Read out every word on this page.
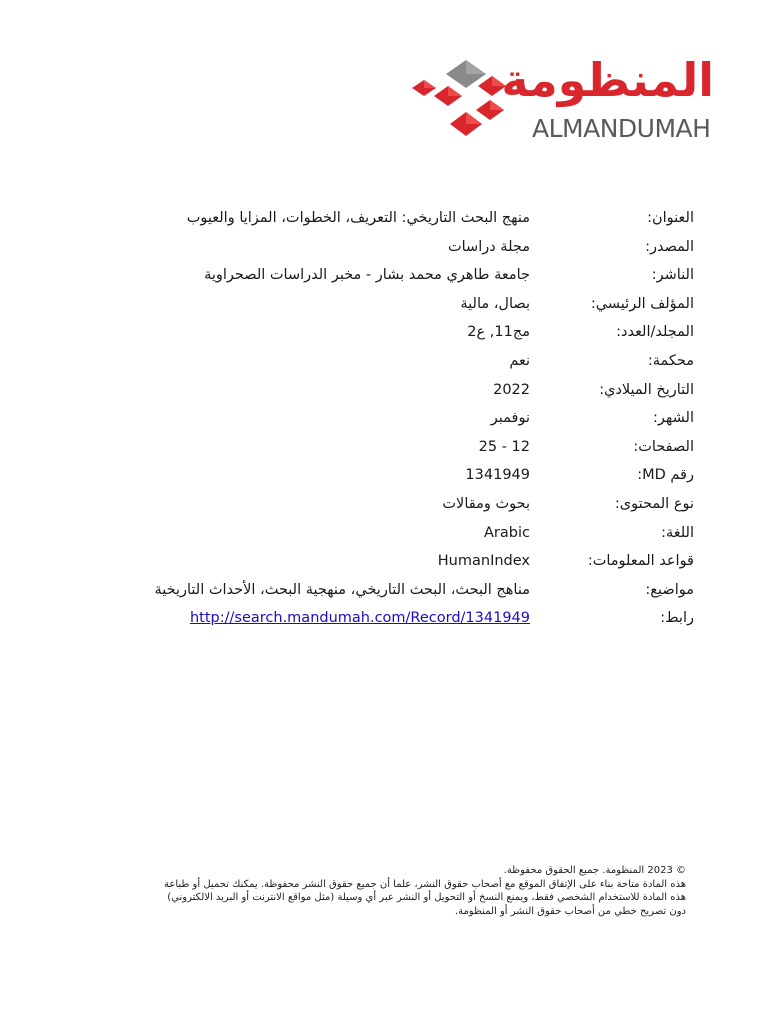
المنظومة
ALMANDUMAH
العنوان:
منهج البحث التاريخي: التعريف، الخطوات، المزايا والعيوب
المصدر:
مجلة دراسات
الناشر:
جامعة طاهري محمد بشار - مخبر الدراسات الصحراوية
المؤلف الرئيسي:
بصال، مالية
المجلد/العدد:
مج11, ع2
محكمة:
نعم
التاريخ الميلادي:
2022
الشهر:
نوفمبر
الصفحات:
12 - 25
رقم MD:
1341949
نوع المحتوى:
بحوث ومقالات
اللغة:
Arabic
قواعد المعلومات:
HumanIndex
مواضيع:
مناهج البحث، البحث التاريخي، منهجية البحث، الأحداث التاريخية
رابط:
http://search.mandumah.com/Record/1341949
© 2023 المنظومة. جميع الحقوق محفوظة.
هذه المادة متاحة بناء على الإتفاق الموقع مع أصحاب حقوق النشر، علما أن جميع حقوق النشر محفوظة. يمكنك تحميل أو طباعة
هذه المادة للاستخدام الشخصي فقط، ويمنع النسخ أو التحويل أو النشر عبر أي وسيلة (مثل مواقع الانترنت أو البريد الالكتروني)
دون تصريح خطي من أصحاب حقوق النشر أو المنظومة.
